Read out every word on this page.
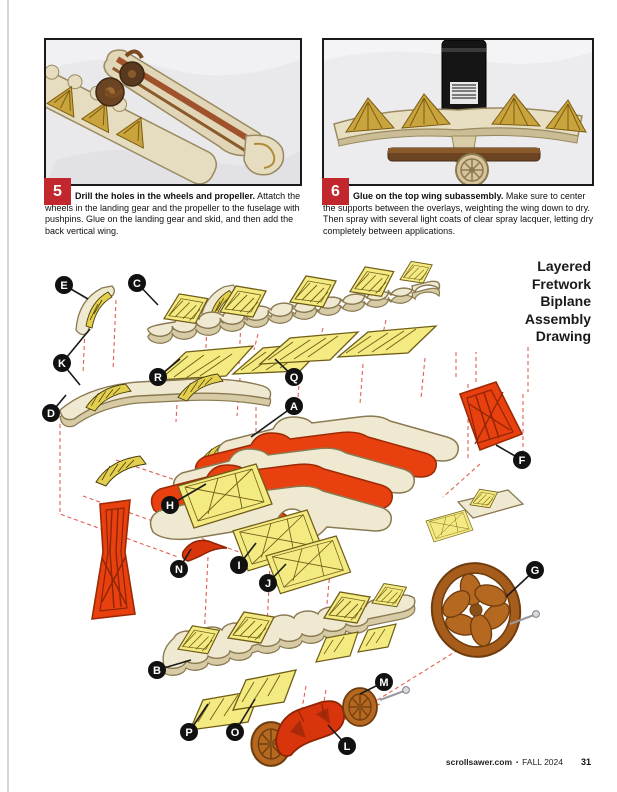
5	6

Drill the holes in the wheels and propeller. Attatch the wheels in the landing gear and the propeller to the fuselage with pushpins. Glue on the landing gear and skid, and then add the back vertical wing.

Glue on the top wing subassembly. Make sure to center the supports between the overlays, weighting the wing down to dry. Then spray with several light coats of clear spray lacquer, letting dry completely between applications.

Layered
Fretwork
Biplane
Assembly
Drawing
E	C
K
R	Q
A
D
F
H
N	I
J
G
B
M
P	O
L
scrollsawer.com ▪ FALL 2024 31
